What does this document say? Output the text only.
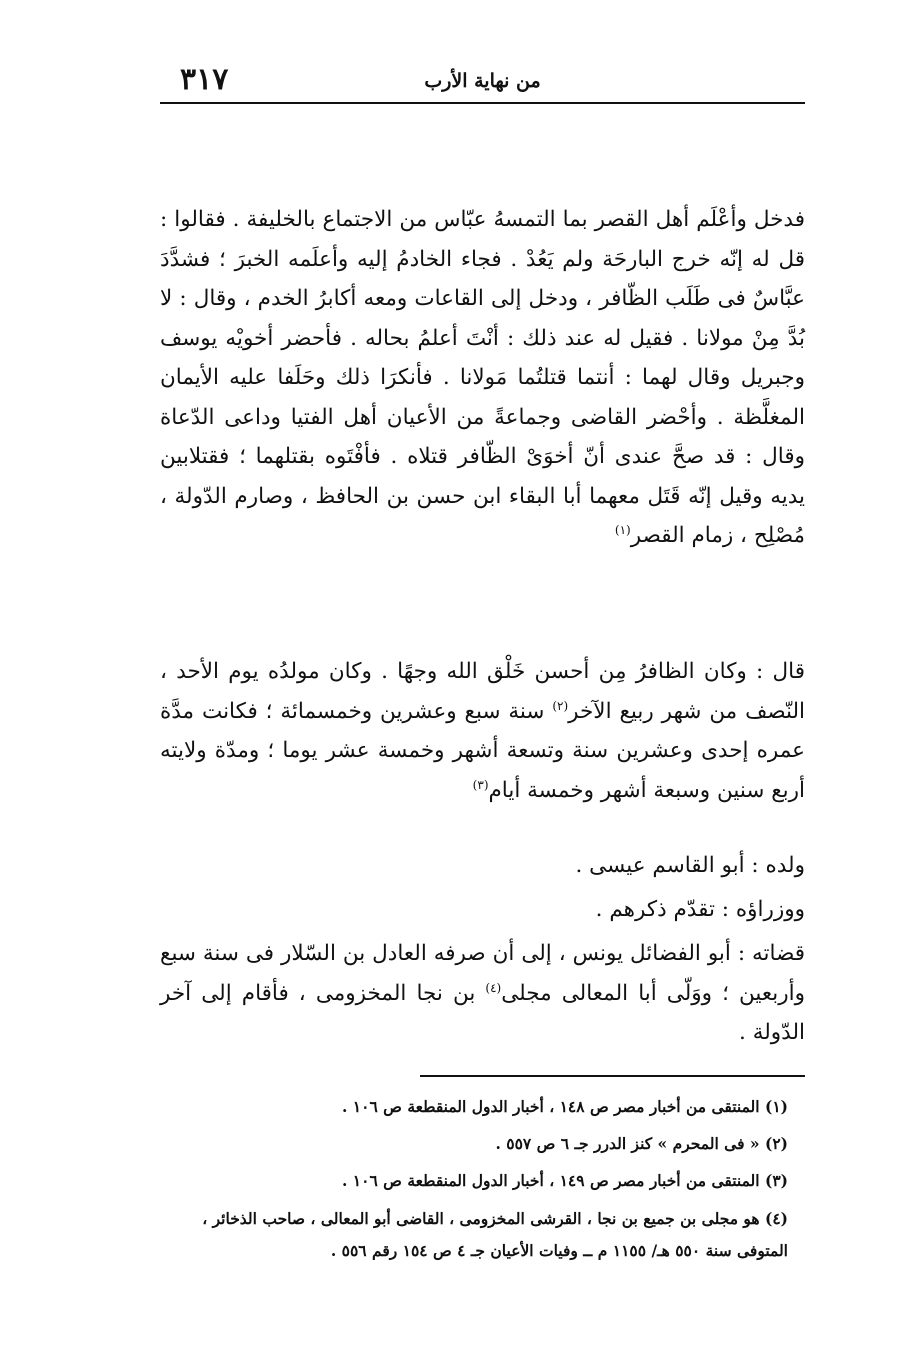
٣١٧	من نهاية الأرب
فدخل وأعْلَم أهل القصر بما التمسهُ عبّاس من الاجتماع بالخليفة . فقالوا : قل له إنّه خرج البارحَة ولم يَعُدْ . فجاء الخادمُ إليه وأعلَمه الخبرَ ؛ فشدَّدَ عبَّاسٌ فى طَلَب الظّافر ، ودخل إلى القاعات ومعه أكابرُ الخدم ، وقال : لا بُدَّ مِنْ مولانا . فقيل له عند ذلك : أنْتَ أعلمُ بحاله . فأحضر أخويْه يوسف وجبريل وقال لهما : أنتما قتلتُما مَولانا . فأنكرَا ذلك وحَلَفا عليه الأيمان المغلَّظة . وأحْضر القاضى وجماعةً من الأعيان أهل الفتيا وداعى الدّعاة وقال : قد صحَّ عندى أنّ أخوَىْ الظّافر قتلاه . فأفْتَوه بقتلهما ؛ فقتلابين يديه وقيل إنّه قَتَل معهما أبا البقاء ابن حسن بن الحافظ ، وصارم الدّولة ، مُصْلِح ، زمام القصر$^{(١)}$
قال : وكان الظافرُ مِن أحسن خَلْق الله وجهًا . وكان مولدُه يوم الأحد ، النّصف من شهر ربيع الآخر$^{(٢)}$ سنة سبع وعشرين وخمسمائة ؛ فكانت مدَّة عمره إحدى وعشرين سنة وتسعة أشهر وخمسة عشر يوما ؛ ومدّة ولايته أربع سنين وسبعة أشهر وخمسة أيام$^{(٣)}$
ولده : أبو القاسم عيسى .
ووزراؤه : تقدّم ذكرهم .
قضاته : أبو الفضائل يونس ، إلى أن صرفه العادل بن السّلار فى سنة سبع وأربعين ؛ ووَلّى أبا المعالى مجلى$^{(٤)}$ بن نجا المخزومى ، فأقام إلى آخر الدّولة .
(١) المنتقى من أخبار مصر ص ١٤٨ ، أخبار الدول المنقطعة ص ١٠٦ .
(٢) « فى المحرم » كنز الدرر جـ ٦ ص ٥٥٧ .
(٣) المنتقى من أخبار مصر ص ١٤٩ ، أخبار الدول المنقطعة ص ١٠٦ .
(٤) هو مجلى بن جميع بن نجا ، القرشى المخزومى ، القاضى أبو المعالى ، صاحب الذخائر ، المتوفى سنة ٥٥٠ هـ/ ١١٥٥ م ــ وفيات الأعيان جـ ٤ ص ١٥٤ رقم ٥٥٦ .
